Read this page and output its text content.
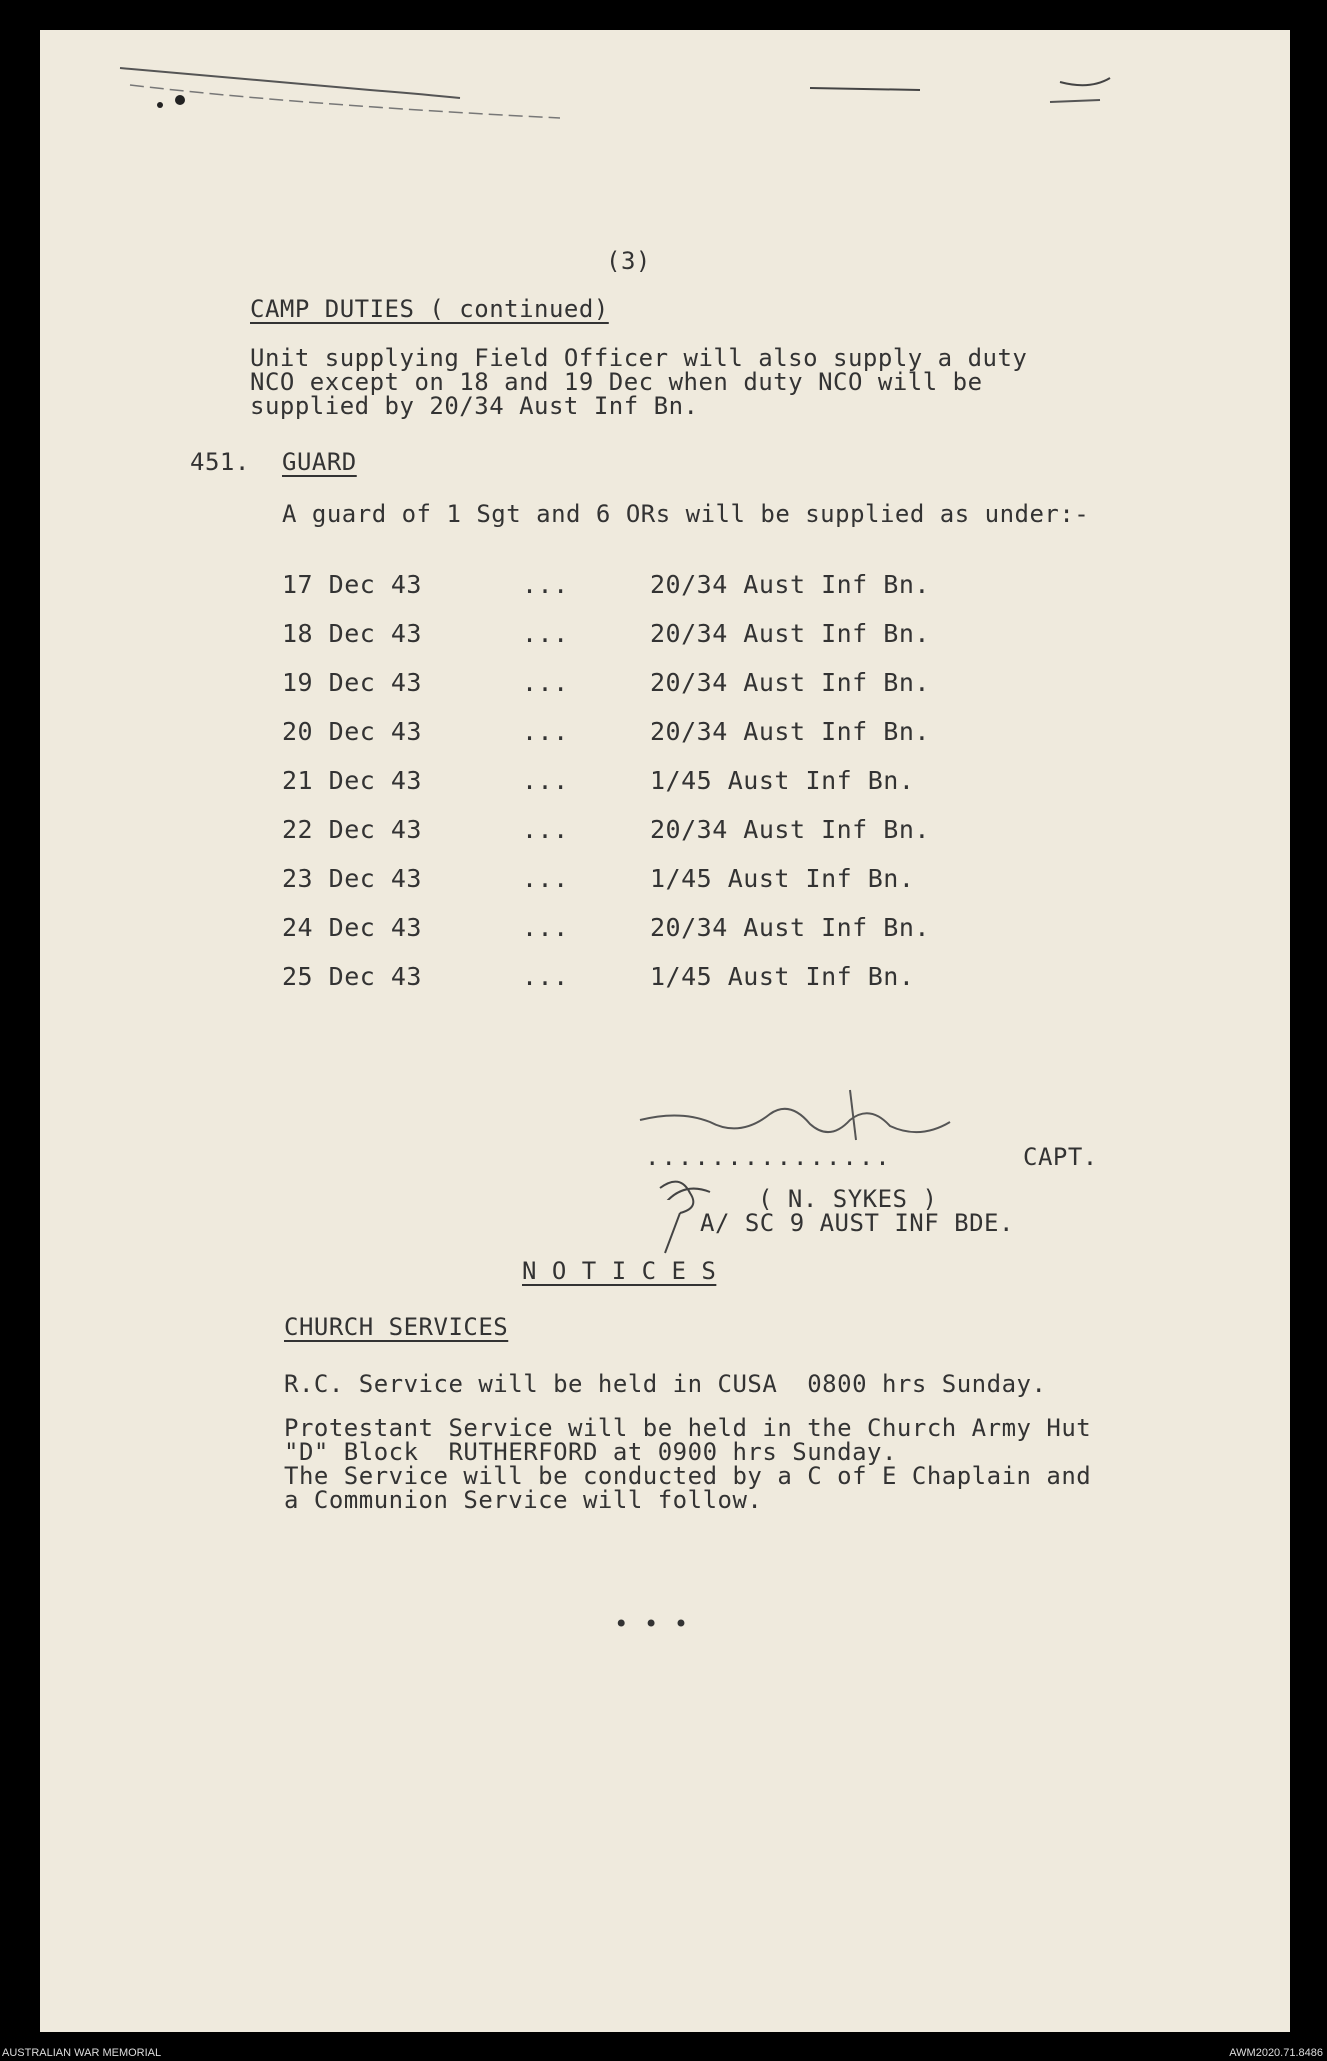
(3)
CAMP DUTIES ( continued)
Unit supplying Field Officer will also supply a duty
NCO except on 18 and 19 Dec when duty NCO will be
supplied by 20/34 Aust Inf Bn.
451. GUARD
A guard of 1 Sgt and 6 ORs will be supplied as under:-
17 Dec 43	...	20/34 Aust Inf Bn.
18 Dec 43	...	20/34 Aust Inf Bn.
19 Dec 43	...	20/34 Aust Inf Bn.
20 Dec 43	...	20/34 Aust Inf Bn.
21 Dec 43	...	1/45 Aust Inf Bn.
22 Dec 43	...	20/34 Aust Inf Bn.
23 Dec 43	...	1/45 Aust Inf Bn.
24 Dec 43	...	20/34 Aust Inf Bn.
25 Dec 43	...	1/45 Aust Inf Bn.
...............	CAPT.
( N. SYKES )
A/ SC 9 AUST INF BDE.
N O T I C E S
CHURCH SERVICES
R.C. Service will be held in CUSA  0800 hrs Sunday.
Protestant Service will be held in the Church Army Hut
"D" Block  RUTHERFORD at 0900 hrs Sunday.
The Service will be conducted by a C of E Chaplain and
a Communion Service will follow.
• • •
AUSTRALIAN WAR MEMORIAL	AWM2020.71.8486
